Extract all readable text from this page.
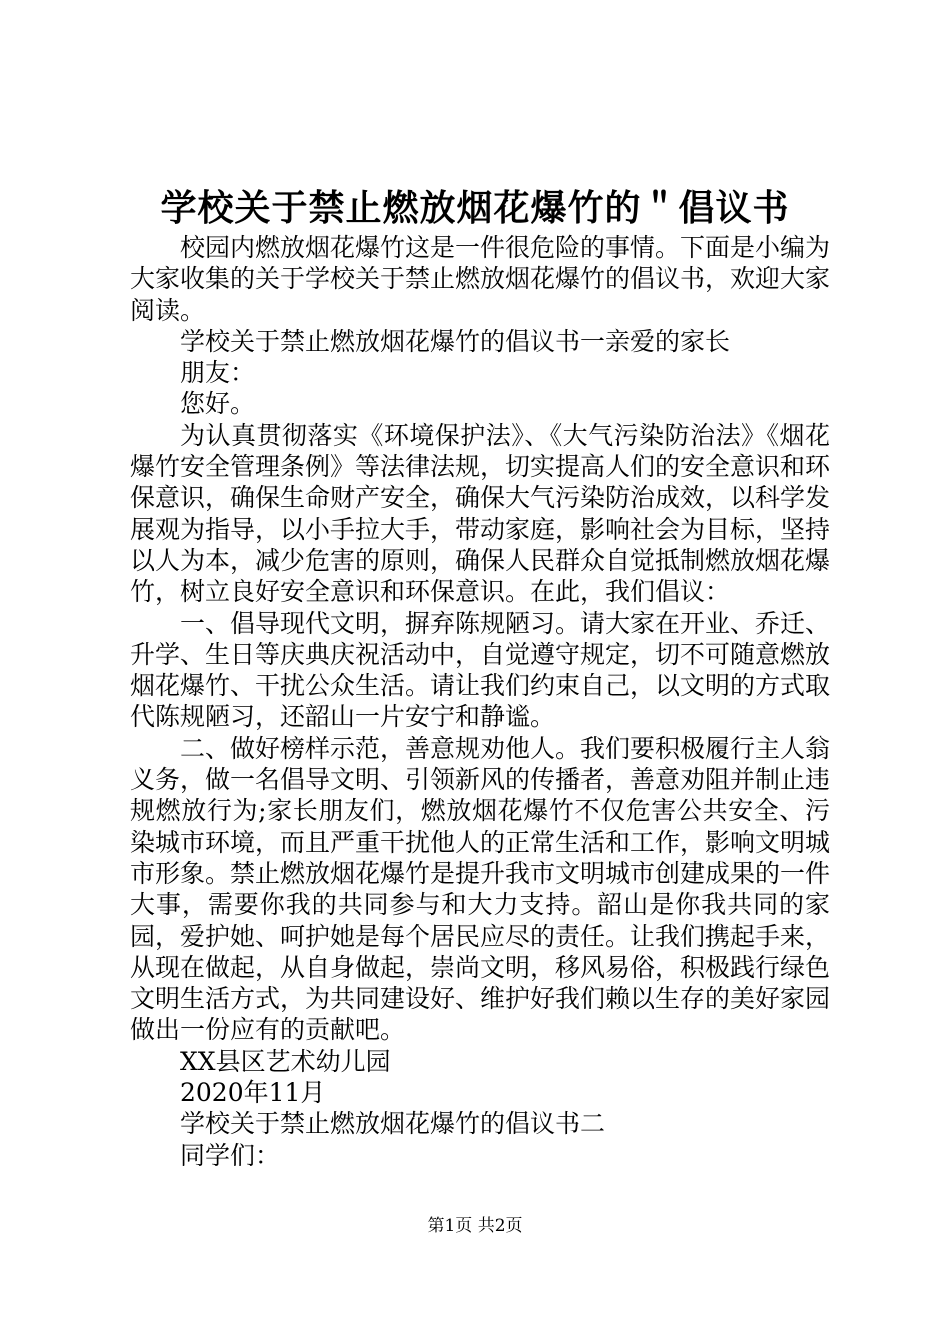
学校关于禁止燃放烟花爆竹的＂倡议书

校园内燃放烟花爆竹这是一件很危险的事情。下面是小编为大家收集的关于学校关于禁止燃放烟花爆竹的倡议书，欢迎大家阅读。

学校关于禁止燃放烟花爆竹的倡议书一亲爱的家长

朋友：

您好。

为认真贯彻落实《环境保护法》、《大气污染防治法》《烟花爆竹安全管理条例》等法律法规，切实提高人们的安全意识和环保意识，确保生命财产安全，确保大气污染防治成效，以科学发展观为指导，以小手拉大手，带动家庭，影响社会为目标，坚持以人为本，减少危害的原则，确保人民群众自觉抵制燃放烟花爆竹，树立良好安全意识和环保意识。在此，我们倡议：

一、倡导现代文明，摒弃陈规陋习。请大家在开业、乔迁、升学、生日等庆典庆祝活动中，自觉遵守规定，切不可随意燃放烟花爆竹、干扰公众生活。请让我们约束自己，以文明的方式取代陈规陋习，还韶山一片安宁和静谧。

二、做好榜样示范，善意规劝他人。我们要积极履行主人翁义务，做一名倡导文明、引领新风的传播者，善意劝阻并制止违规燃放行为;家长朋友们，燃放烟花爆竹不仅危害公共安全、污染城市环境，而且严重干扰他人的正常生活和工作，影响文明城市形象。禁止燃放烟花爆竹是提升我市文明城市创建成果的一件大事，需要你我的共同参与和大力支持。韶山是你我共同的家园，爱护她、呵护她是每个居民应尽的责任。让我们携起手来，从现在做起，从自身做起，崇尚文明，移风易俗，积极践行绿色文明生活方式，为共同建设好、维护好我们赖以生存的美好家园做出一份应有的贡献吧。

XX县区艺术幼儿园

2020年11月

学校关于禁止燃放烟花爆竹的倡议书二

同学们：

第1页 共2页
